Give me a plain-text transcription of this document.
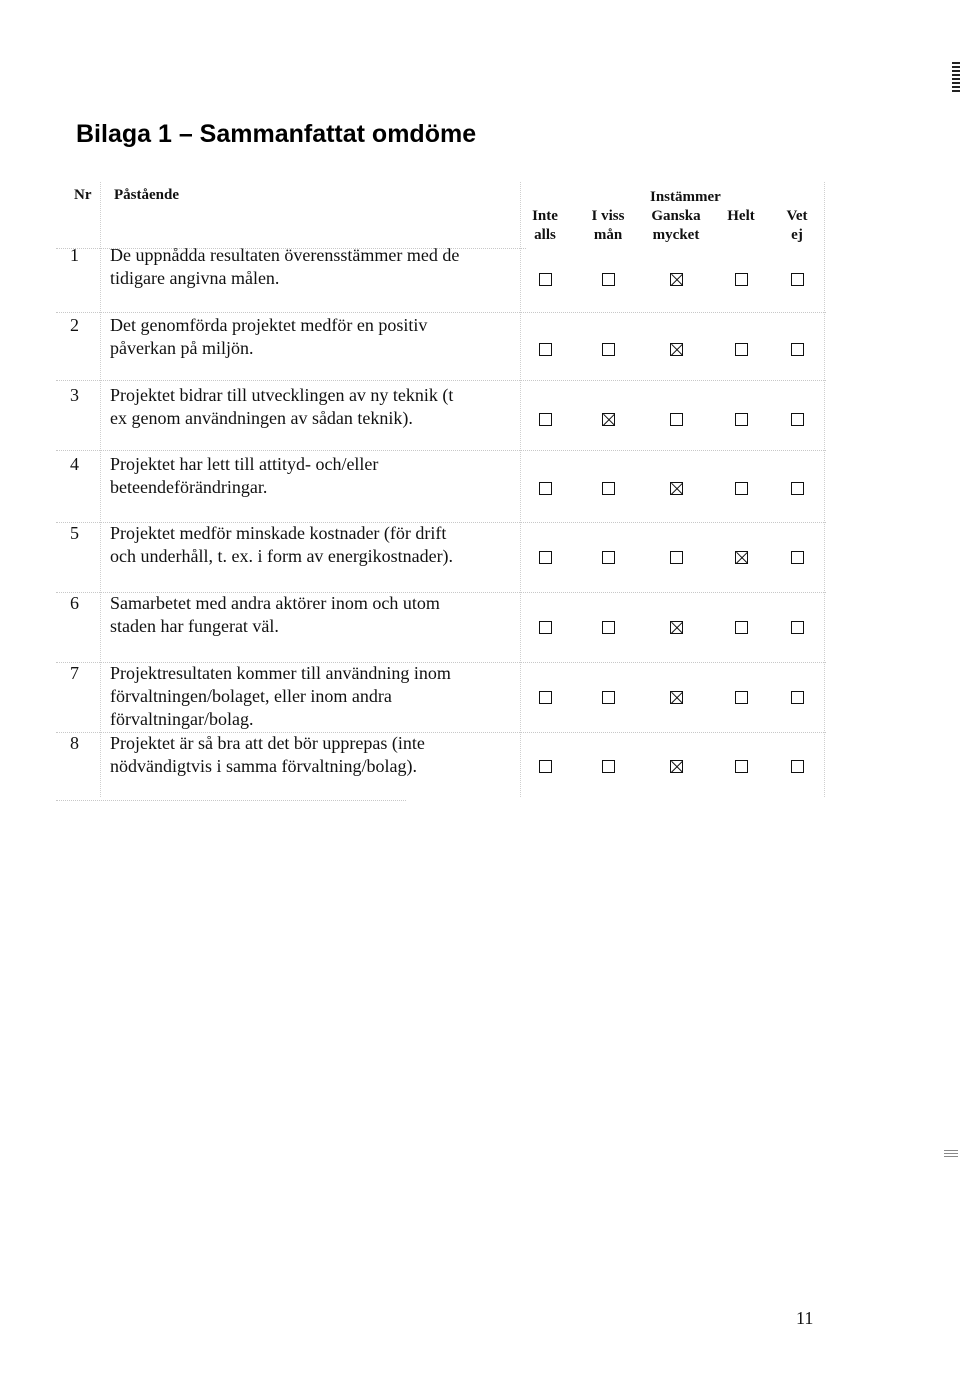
Bilaga 1 – Sammanfattat omdöme
Nr Påstående	Instämmer
Inte
alls
I viss
mån
Ganska
mycket
Helt	Vet
ej
1 De uppnådda resultaten överensstämmer med de
tidigare angivna målen.
2 Det genomförda projektet medför en positiv
påverkan på miljön.
3 Projektet bidrar till utvecklingen av ny teknik (t
ex genom användningen av sådan teknik).
4 Projektet har lett till attityd- och/eller
beteendeförändringar.
5 Projektet medför minskade kostnader (för drift
och underhåll, t. ex. i form av energikostnader).
6 Samarbetet med andra aktörer inom och utom
staden har fungerat väl.
7 Projektresultaten kommer till användning inom
förvaltningen/bolaget, eller inom andra
förvaltningar/bolag.
8 Projektet är så bra att det bör upprepas (inte
nödvändigtvis i samma förvaltning/bolag).
11
